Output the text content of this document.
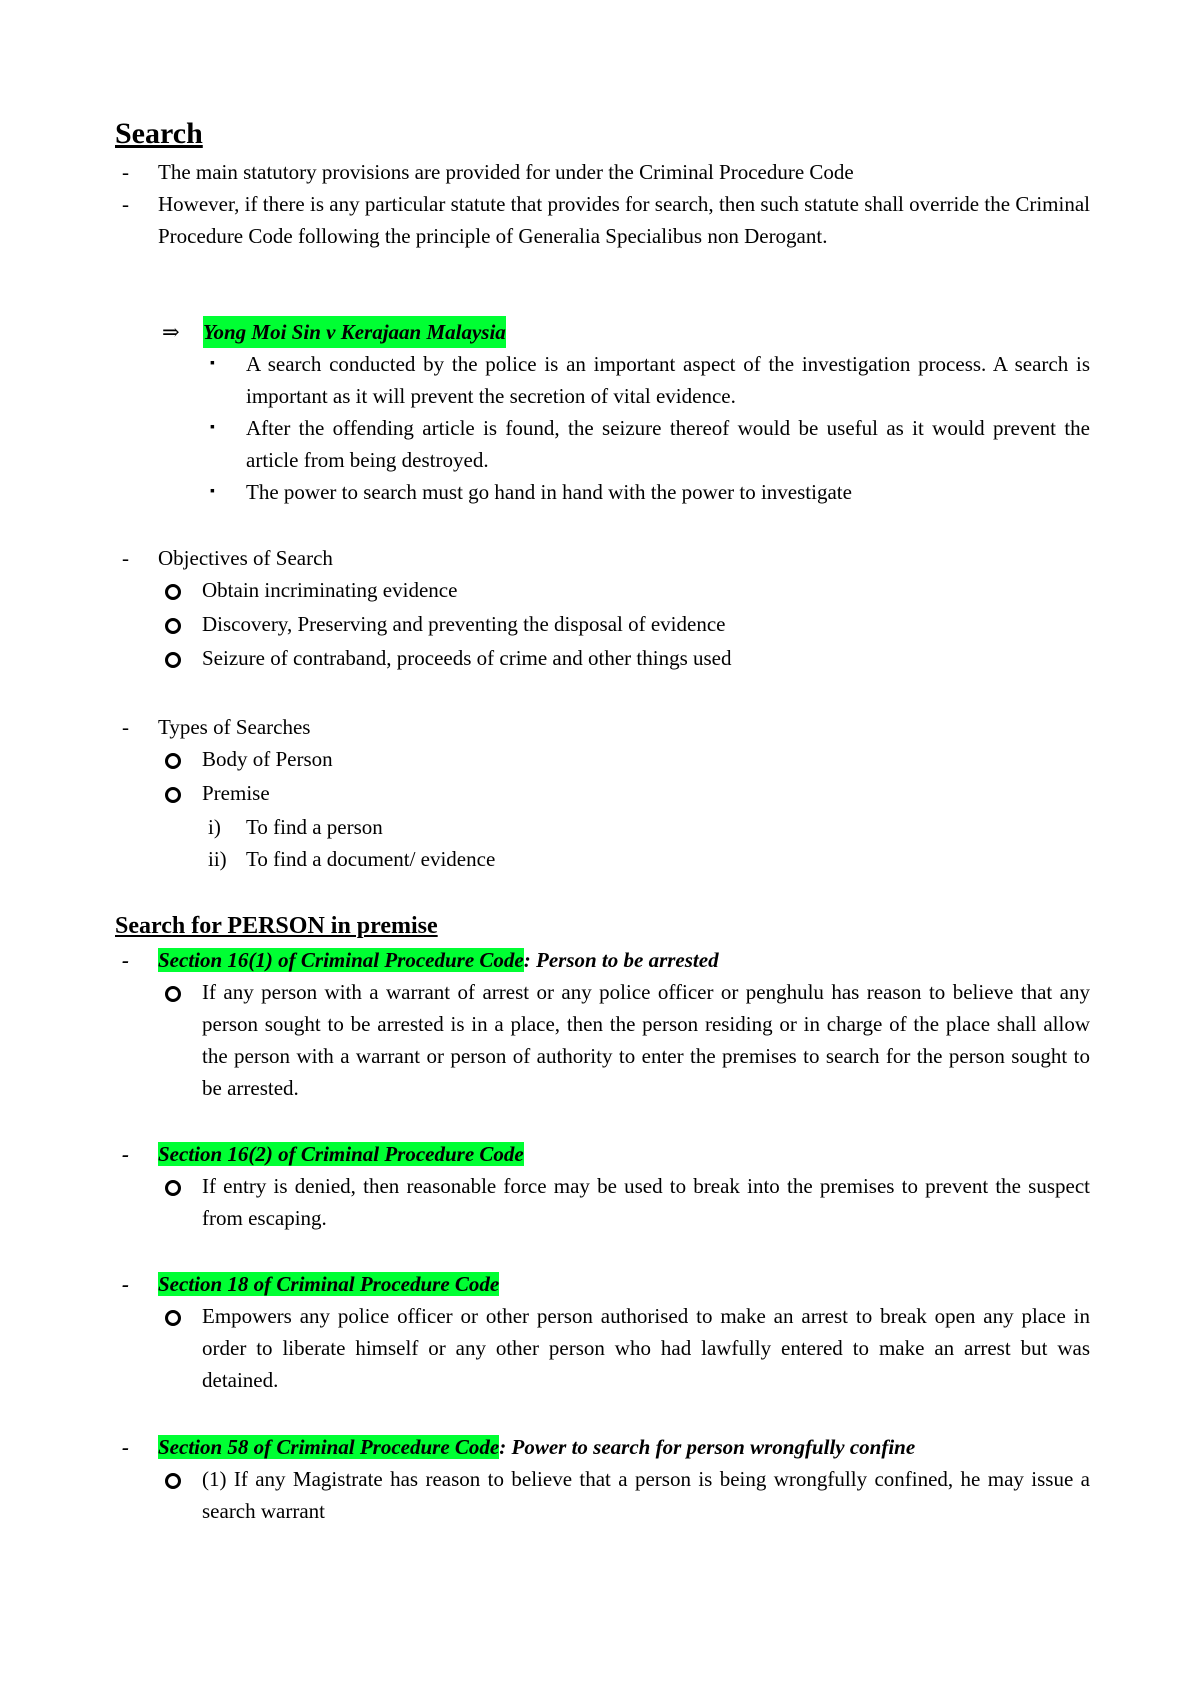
Search
- The main statutory provisions are provided for under the Criminal Procedure Code
- However, if there is any particular statute that provides for search, then such statute shall override the Criminal Procedure Code following the principle of Generalia Specialibus non Derogant.
⇒ Yong Moi Sin v Kerajaan Malaysia
▪ A search conducted by the police is an important aspect of the investigation process. A search is important as it will prevent the secretion of vital evidence.
▪ After the offending article is found, the seizure thereof would be useful as it would prevent the article from being destroyed.
▪ The power to search must go hand in hand with the power to investigate
- Objectives of Search
Obtain incriminating evidence
Discovery, Preserving and preventing the disposal of evidence
Seizure of contraband, proceeds of crime and other things used
- Types of Searches
Body of Person
Premise
i) To find a person
ii) To find a document/ evidence
Search for PERSON in premise
- Section 16(1) of Criminal Procedure Code: Person to be arrested
If any person with a warrant of arrest or any police officer or penghulu has reason to believe that any person sought to be arrested is in a place, then the person residing or in charge of the place shall allow the person with a warrant or person of authority to enter the premises to search for the person sought to be arrested.
- Section 16(2) of Criminal Procedure Code
If entry is denied, then reasonable force may be used to break into the premises to prevent the suspect from escaping.
- Section 18 of Criminal Procedure Code
Empowers any police officer or other person authorised to make an arrest to break open any place in order to liberate himself or any other person who had lawfully entered to make an arrest but was detained.
- Section 58 of Criminal Procedure Code: Power to search for person wrongfully confine
(1) If any Magistrate has reason to believe that a person is being wrongfully confined, he may issue a search warrant
